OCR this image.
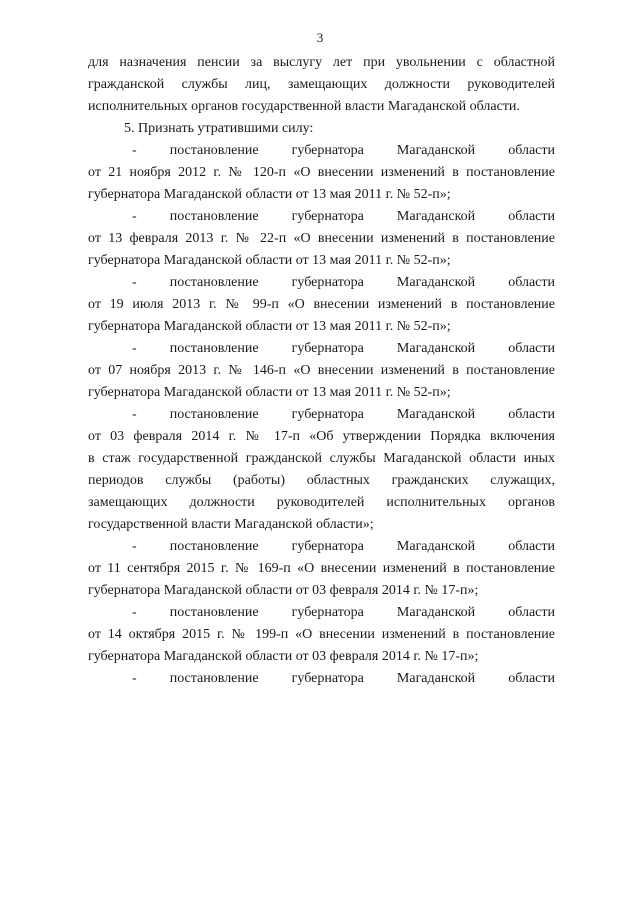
3
для назначения пенсии за выслугу лет при увольнении с областной
гражданской службы лиц, замещающих должности руководителей
исполнительных органов государственной власти Магаданской области.
5. Признать утратившими силу:
- постановление губернатора Магаданской области
от 21 ноября 2012 г. № 120-п «О внесении изменений в постановление
губернатора Магаданской области от 13 мая 2011 г. № 52-п»;
- постановление губернатора Магаданской области
от 13 февраля 2013 г. № 22-п «О внесении изменений в постановление
губернатора Магаданской области от 13 мая 2011 г. № 52-п»;
- постановление губернатора Магаданской области
от 19 июля 2013 г. № 99-п «О внесении изменений в постановление
губернатора Магаданской области от 13 мая 2011 г. № 52-п»;
- постановление губернатора Магаданской области
от 07 ноября 2013 г. № 146-п «О внесении изменений в постановление
губернатора Магаданской области от 13 мая 2011 г. № 52-п»;
- постановление губернатора Магаданской области
от 03 февраля 2014 г. № 17-п «Об утверждении Порядка включения
в стаж государственной гражданской службы Магаданской области иных
периодов службы (работы) областных гражданских служащих,
замещающих должности руководителей исполнительных органов
государственной власти Магаданской области»;
- постановление губернатора Магаданской области
от 11 сентября 2015 г. № 169-п «О внесении изменений в постановление
губернатора Магаданской области от 03 февраля 2014 г. № 17-п»;
- постановление губернатора Магаданской области
от 14 октября 2015 г. № 199-п «О внесении изменений в постановление
губернатора Магаданской области от 03 февраля 2014 г. № 17-п»;
- постановление губернатора Магаданской области
